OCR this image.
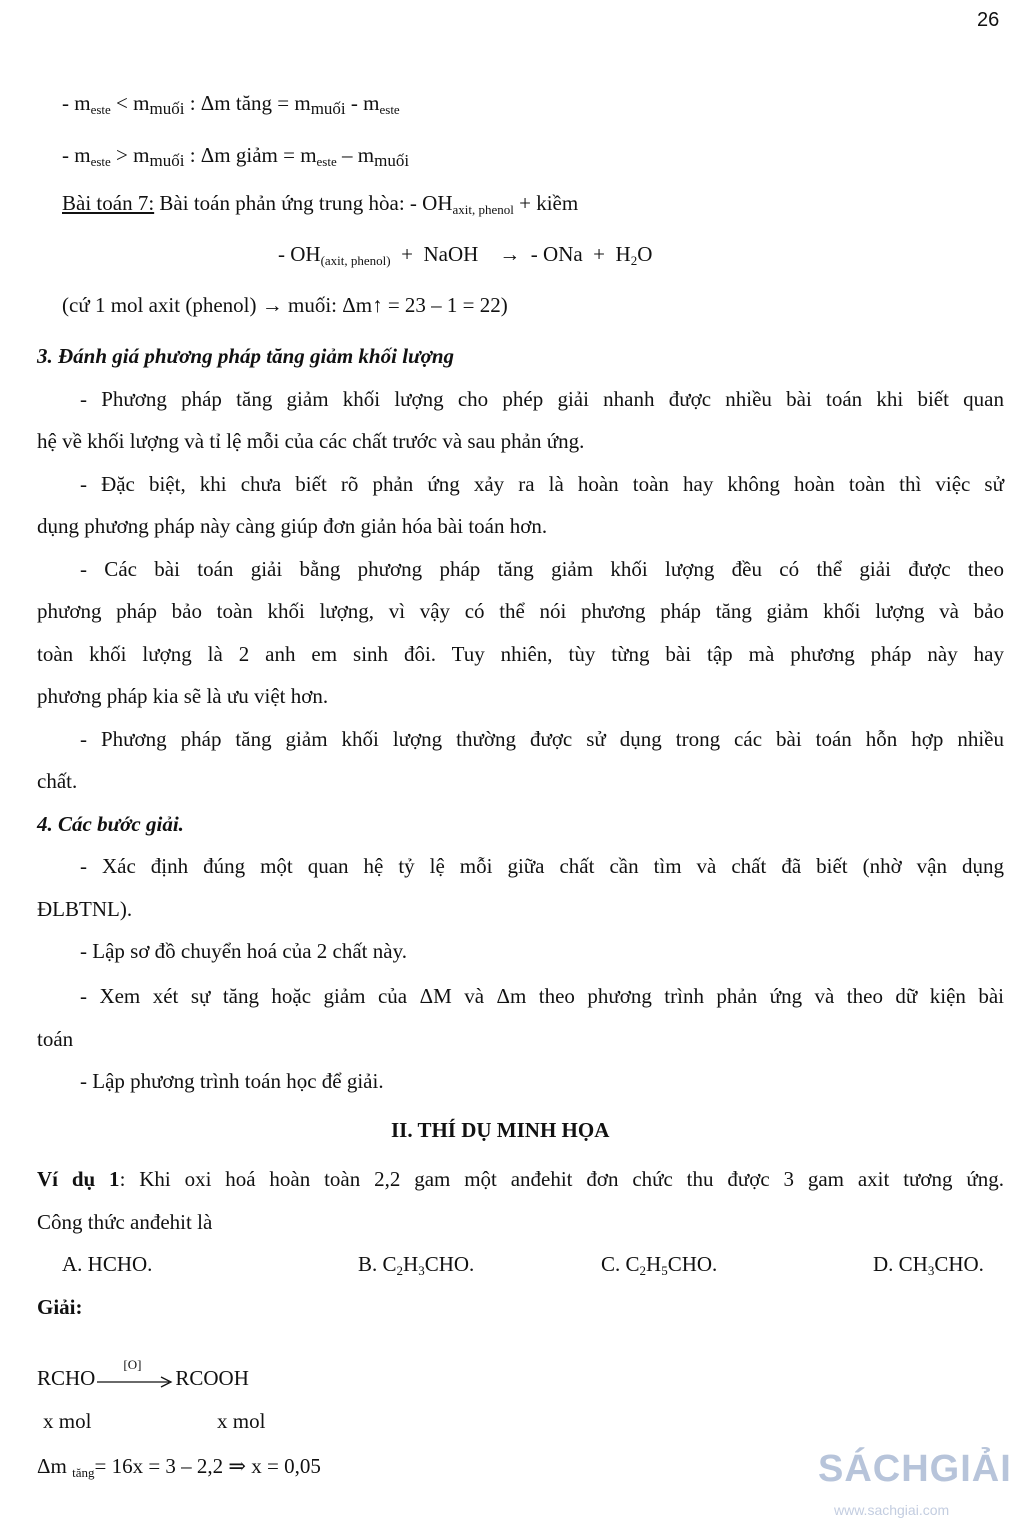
26
- $m_{este} < m_{muối}$ : Δm tăng = $m_{muối} - m_{este}$
- $m_{este} > m_{muối}$ : Δm giảm = $m_{este} - m_{muối}$
Bài toán 7: Bài toán phản ứng trung hòa: - $OH_{axit, phenol}$ + kiềm
- $OH_{(axit, phenol)}$  +  NaOH    →  - ONa  +  $H_2O$
(cứ 1 mol axit (phenol) → muối: Δm↑ = 23 – 1 = 22)
3. Đánh giá phương pháp tăng giảm khối lượng
- Phương pháp tăng giảm khối lượng cho phép giải nhanh được nhiều bài toán khi biết quan
hệ về khối lượng và tỉ lệ mỗi của các chất trước và sau phản ứng.
- Đặc biệt, khi chưa biết rõ phản ứng xảy ra là hoàn toàn hay không hoàn toàn thì việc sử
dụng phương pháp này càng giúp đơn giản hóa bài toán hơn.
- Các bài toán giải bằng phương pháp tăng giảm khối lượng đều có thể giải được theo
phương pháp bảo toàn khối lượng, vì vậy có thể nói phương pháp tăng giảm khối lượng và bảo
toàn khối lượng là 2 anh em sinh đôi. Tuy nhiên, tùy từng bài tập mà phương pháp này hay
phương pháp kia sẽ là ưu việt hơn.
- Phương pháp tăng giảm khối lượng thường được sử dụng trong các bài toán hỗn hợp nhiều
chất.
4. Các bước giải.
- Xác định đúng một quan hệ tỷ lệ mỗi giữa chất cần tìm và chất đã biết (nhờ vận dụng
ĐLBTNL).
- Lập sơ đồ chuyển hoá của 2 chất này.
- Xem xét sự tăng hoặc giảm của ΔM và Δm theo phương trình phản ứng và theo dữ kiện bài
toán
- Lập phương trình toán học để giải.
II. THÍ DỤ MINH HỌA
Ví dụ 1: Khi oxi hoá hoàn toàn 2,2 gam một anđehit đơn chức thu được 3 gam axit tương ứng.
Công thức anđehit là
A. HCHO.	B. $C_2H_3CHO$.	C. $C_2H_5CHO$.	D. $CH_3CHO$.
Giải:
RCHO
[O]
RCOOH
x mol	x mol
Δm $_{tăng}$= 16x = 3 – 2,2 ⇒ x = 0,05	SÁCHGIẢI
www.sachgiai.com
